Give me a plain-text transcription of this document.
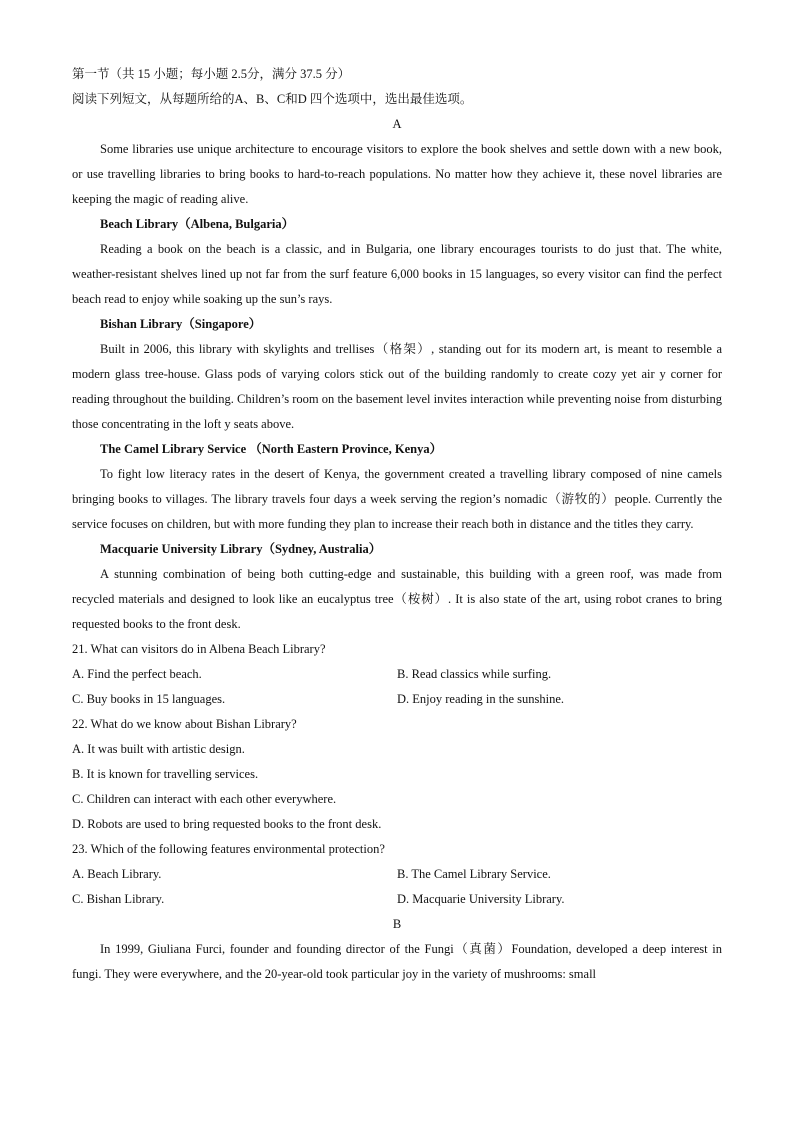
第一节（共 15 小题；每小题 2.5分，满分 37.5 分）
阅读下列短文，从每题所给的A、B、C和D 四个选项中，选出最佳选项。
A

Some libraries use unique architecture to encourage visitors to explore the book shelves and settle down with a new book, or use travelling libraries to bring books to hard-to-reach populations. No matter how they achieve it, these novel libraries are keeping the magic of reading alive.

Beach Library（Albena, Bulgaria）

Reading a book on the beach is a classic, and in Bulgaria, one library encourages tourists to do just that. The white, weather-resistant shelves lined up not far from the surf feature 6,000 books in 15 languages, so every visitor can find the perfect beach read to enjoy while soaking up the sun’s rays.

Bishan Library（Singapore）

Built in 2006, this library with skylights and trellises（格架）, standing out for its modern art, is meant to resemble a modern glass tree-house. Glass pods of varying colors stick out of the building randomly to create cozy yet air y corner for reading throughout the building. Children’s room on the basement level invites interaction while preventing noise from disturbing those concentrating in the loft y seats above.

The Camel Library Service （North Eastern Province, Kenya）

To fight low literacy rates in the desert of Kenya, the government created a travelling library composed of nine camels bringing books to villages. The library travels four days a week serving the region’s nomadic（游牧的）people. Currently the service focuses on children, but with more funding they plan to increase their reach both in distance and the titles they carry.

Macquarie University Library（Sydney, Australia）

A stunning combination of being both cutting-edge and sustainable, this building with a green roof, was made from recycled materials and designed to look like an eucalyptus tree（桉树）. It is also state of the art, using robot cranes to bring requested books to the front desk.

21. What can visitors do in Albena Beach Library?
A. Find the perfect beach.	B. Read classics while surfing.
C. Buy books in 15 languages.	D. Enjoy reading in the sunshine.
22. What do we know about Bishan Library?
A. It was built with artistic design.
B. It is known for travelling services.
C. Children can interact with each other everywhere.
D. Robots are used to bring requested books to the front desk.
23. Which of the following features environmental protection?
A. Beach Library.	B. The Camel Library Service.
C. Bishan Library.	D. Macquarie University Library.
B

In 1999, Giuliana Furci, founder and founding director of the Fungi（真菌）Foundation, developed a deep interest in fungi. They were everywhere, and the 20-year-old took particular joy in the variety of mushrooms: small
